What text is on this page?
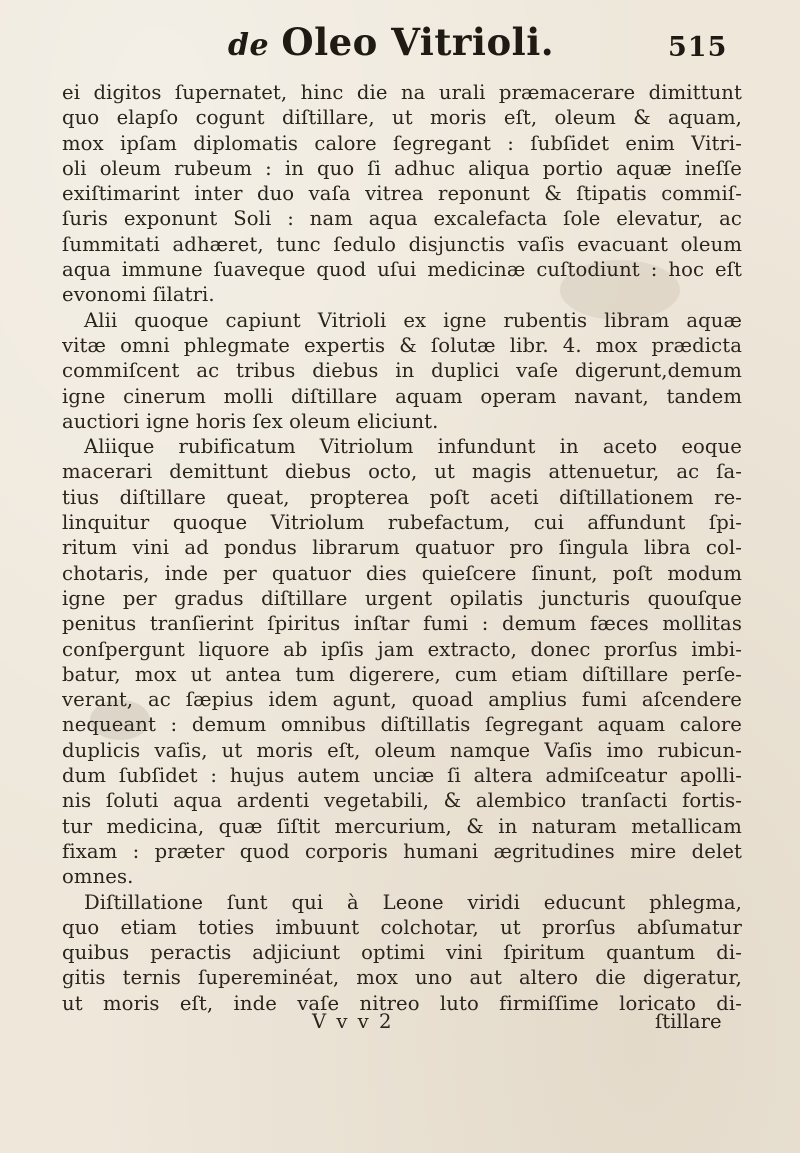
de Oleo Vitrioli.	515
ei digitos ſupernatet, hinc die na urali præmacerare dimittunt
quo elapſo cogunt diſtillare, ut moris eſt, oleum & aquam,
mox ipſam diplomatis calore ſegregant : ſubſidet enim Vitri-
oli oleum rubeum : in quo ſi adhuc aliqua portio aquæ ineſſe
exiſtimarint inter duo vaſa vitrea reponunt & ſtipatis commiſ-
ſuris exponunt Soli : nam aqua excalefacta ſole elevatur, ac
ſummitati adhæret, tunc ſedulo disjunctis vaſis evacuant oleum
aqua immune ſuaveque quod uſui medicinæ cuſtodiunt : hoc eſt
evonomi ſilatri.
Alii quoque capiunt Vitrioli ex igne rubentis libram aquæ
vitæ omni phlegmate expertis & ſolutæ libr. 4. mox prædicta
commiſcent ac tribus diebus in duplici vaſe digerunt,demum
igne cinerum molli diſtillare aquam operam navant, tandem
auctiori igne horis ſex oleum eliciunt.
Aliique rubificatum Vitriolum infundunt in aceto eoque
macerari demittunt diebus octo, ut magis attenuetur, ac ſa-
tius diſtillare queat, propterea poſt aceti diſtillationem re-
linquitur quoque Vitriolum rubefactum, cui affundunt ſpi-
ritum vini ad pondus librarum quatuor pro ſingula libra col-
chotaris, inde per quatuor dies quieſcere ſinunt, poſt modum
igne per gradus diſtillare urgent opilatis juncturis quouſque
penitus tranſierint ſpiritus inſtar fumi : demum fæces mollitas
conſpergunt liquore ab ipſis jam extracto, donec prorſus imbi-
batur, mox ut antea tum digerere, cum etiam diſtillare perſe-
verant, ac ſæpius idem agunt, quoad amplius fumi aſcendere
nequeant : demum omnibus diſtillatis ſegregant aquam calore
duplicis vaſis, ut moris eſt, oleum namque Vaſis imo rubicun-
dum ſubſidet : hujus autem unciæ ſi altera admiſceatur apolli-
nis ſoluti aqua ardenti vegetabili, & alembico tranſacti fortis-
tur medicina, quæ ſiſtit mercurium, & in naturam metallicam
fixam : præter quod corporis humani ægritudines mire delet
omnes.
Diſtillatione ſunt qui à Leone viridi educunt phlegma,
quo etiam toties imbuunt colchotar, ut prorſus abſumatur
quibus peractis adjiciunt optimi vini ſpiritum quantum di-
gitis ternis ſupereminéat, mox uno aut altero die digeratur,
ut moris eſt, inde vaſe nitreo luto firmiſſime loricato di-
V v v 2	ſtillare
